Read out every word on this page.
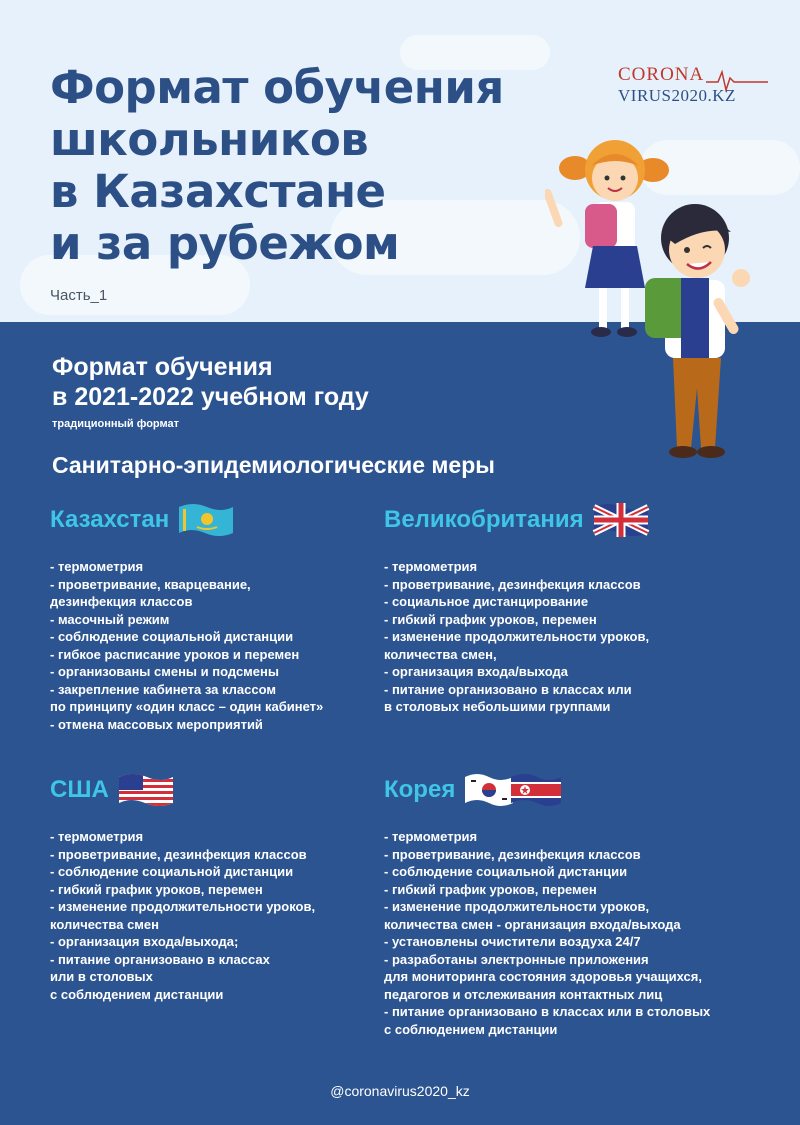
Формат обучения
школьников
в Казахстане
и за рубежом
Часть_1
CORONA
VIRUS2020.KZ
Формат обучения
в 2021-2022 учебном году
традиционный формат
Санитарно-эпидемиологические меры
Казахстан
- термометрия
- проветривание, кварцевание,
дезинфекция классов
- масочный режим
- соблюдение социальной дистанции
- гибкое расписание уроков и перемен
- организованы смены и подсмены
- закрепление кабинета за классом
по принципу «один класс – один кабинет»
- отмена массовых мероприятий
Великобритания
- термометрия
- проветривание, дезинфекция классов
- социальное дистанцирование
- гибкий график уроков, перемен
- изменение продолжительности уроков,
количества смен,
- организация входа/выхода
- питание организовано в классах или
в столовых небольшими группами
США
- термометрия
- проветривание, дезинфекция классов
- соблюдение социальной дистанции
- гибкий график уроков, перемен
- изменение продолжительности уроков,
количества смен
- организация входа/выхода;
- питание организовано в классах
или в столовых
с соблюдением дистанции
Корея
- термометрия
- проветривание, дезинфекция классов
- соблюдение социальной дистанции
- гибкий график уроков, перемен
- изменение продолжительности уроков,
количества смен - организация входа/выхода
- установлены очистители воздуха 24/7
- разработаны электронные приложения
для мониторинга состояния здоровья учащихся,
педагогов и отслеживания контактных лиц
- питание организовано в классах или в столовых
с соблюдением дистанции
@coronavirus2020_kz
